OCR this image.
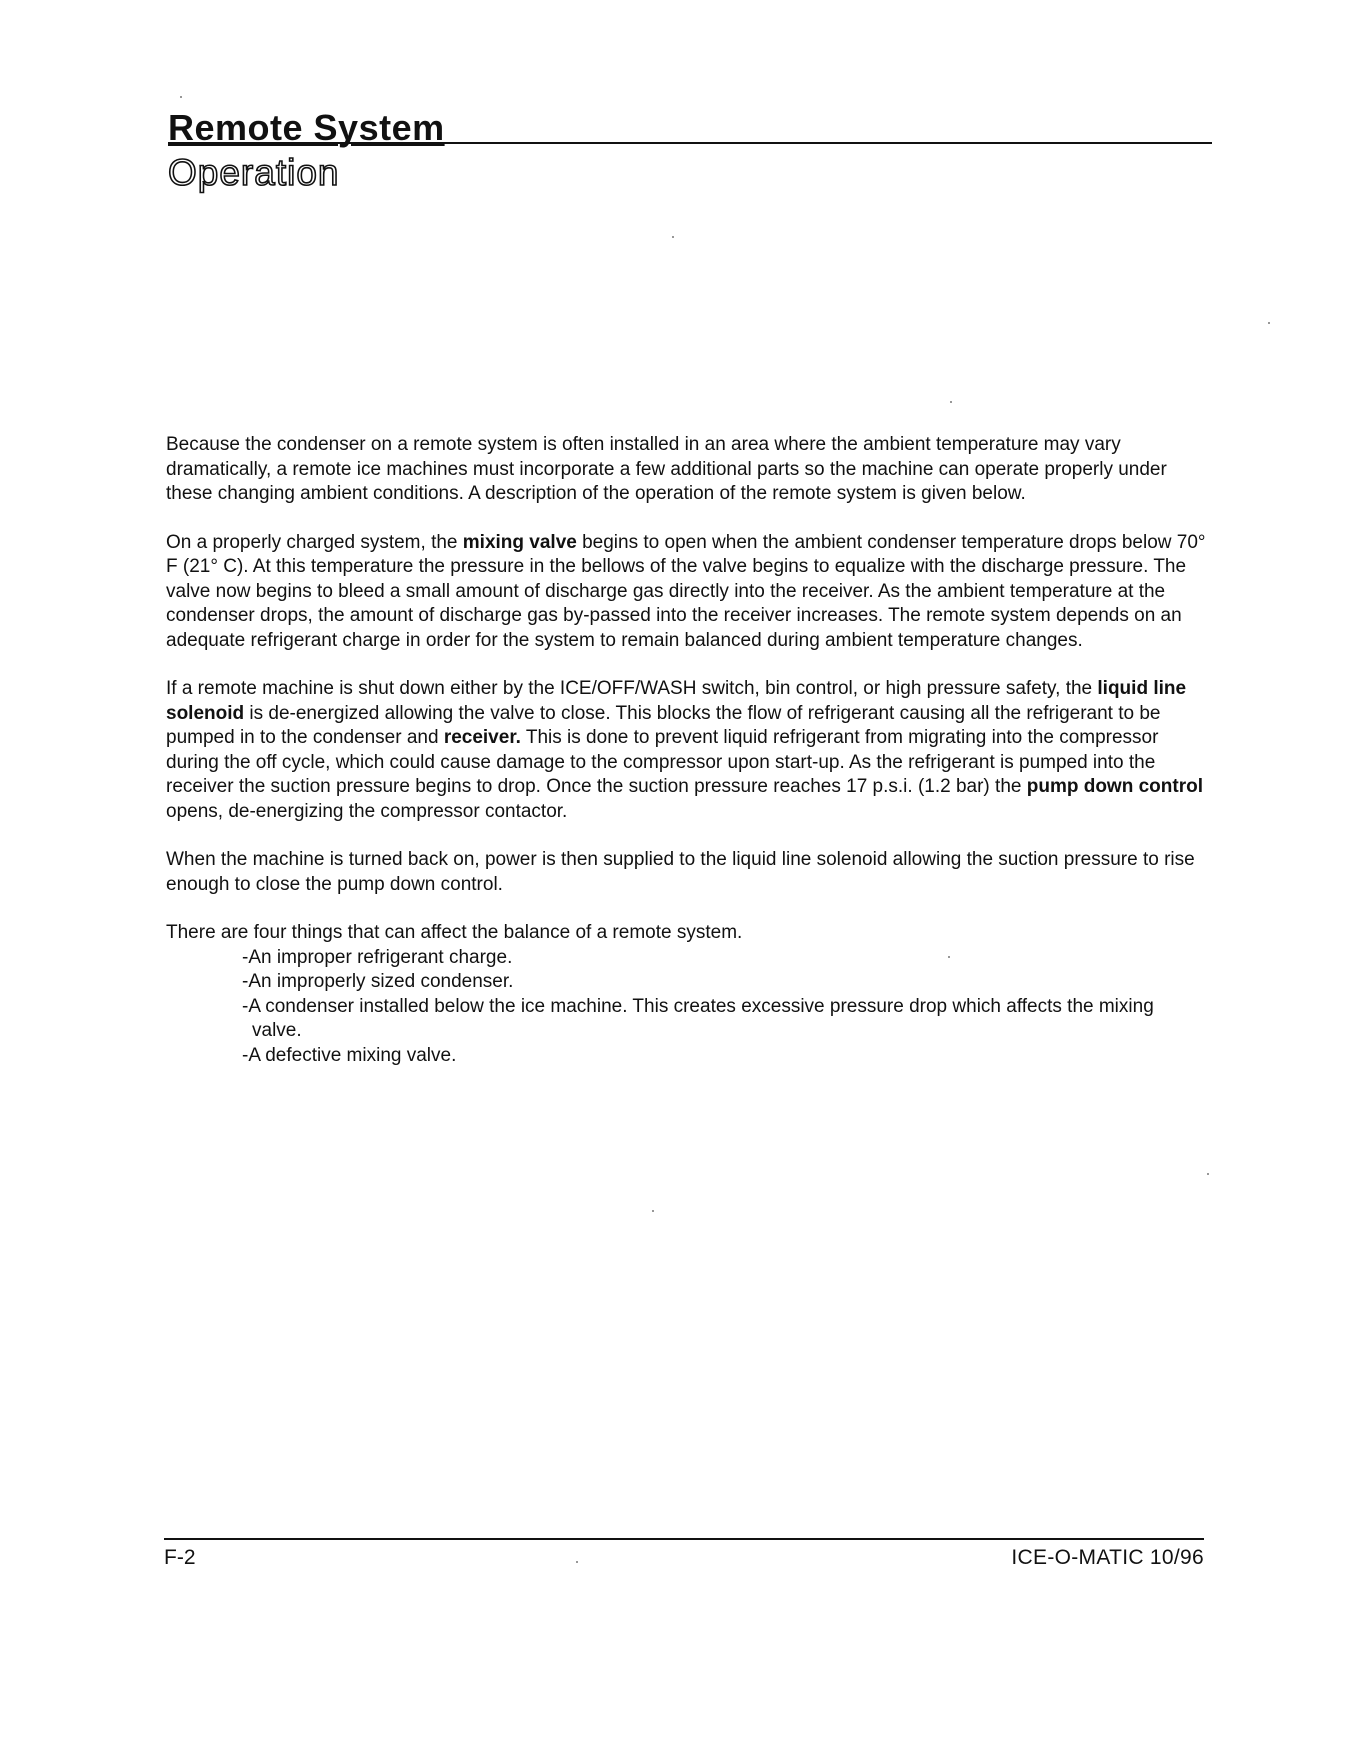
Remote System
Operation

Because the condenser on a remote system is often installed in an area where the ambient temperature may vary dramatically, a remote ice machines must incorporate a few additional parts so the machine can operate properly under these changing ambient conditions. A description of the operation of the remote system is given below.

On a properly charged system, the mixing valve begins to open when the ambient condenser temperature drops below 70° F (21° C). At this temperature the pressure in the bellows of the valve begins to equalize with the discharge pressure. The valve now begins to bleed a small amount of discharge gas directly into the receiver. As the ambient temperature at the condenser drops, the amount of discharge gas by-passed into the receiver increases. The remote system depends on an adequate refrigerant charge in order for the system to remain balanced during ambient temperature changes.

If a remote machine is shut down either by the ICE/OFF/WASH switch, bin control, or high pressure safety, the liquid line solenoid is de-energized allowing the valve to close. This blocks the flow of refrigerant causing all the refrigerant to be pumped in to the condenser and receiver. This is done to prevent liquid refrigerant from migrating into the compressor during the off cycle, which could cause damage to the compressor upon start-up. As the refrigerant is pumped into the receiver the suction pressure begins to drop. Once the suction pressure reaches 17 p.s.i. (1.2 bar) the pump down control opens, de-energizing the compressor contactor.

When the machine is turned back on, power is then supplied to the liquid line solenoid allowing the suction pressure to rise enough to close the pump down control.

There are four things that can affect the balance of a remote system.

-An improper refrigerant charge.
-An improperly sized condenser.
-A condenser installed below the ice machine. This creates excessive pressure drop which affects the mixing valve.
-A defective mixing valve.
F-2	ICE-O-MATIC 10/96
